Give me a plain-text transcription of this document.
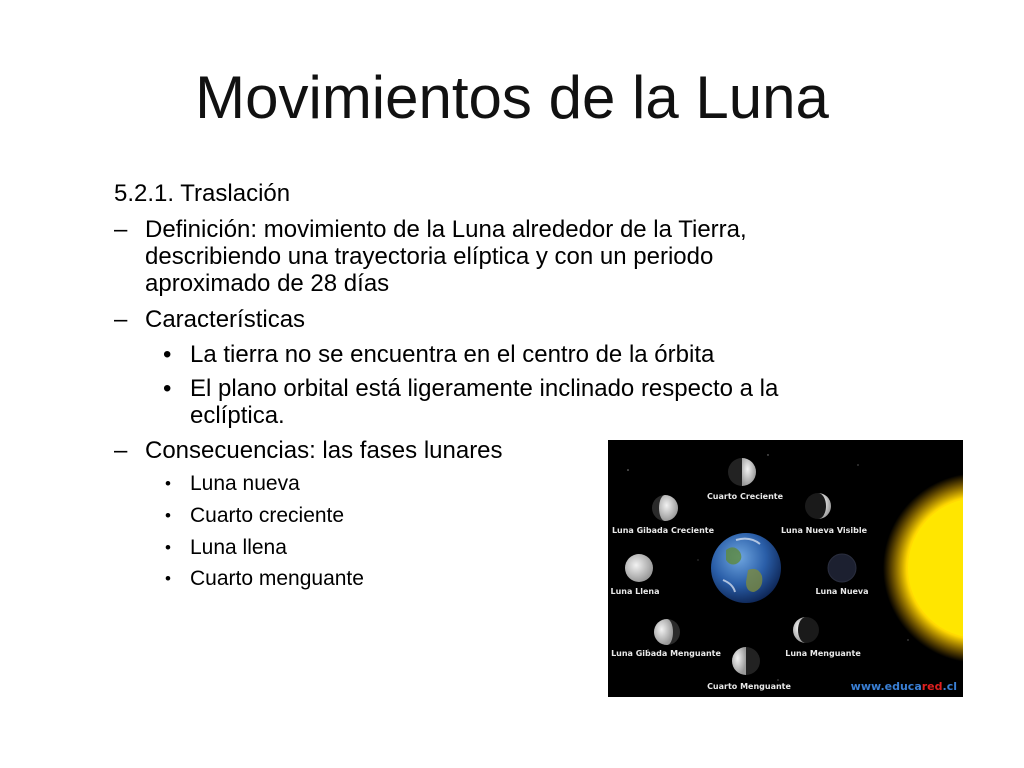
Movimientos de la Luna
5.2.1. Traslación
– Definición: movimiento de la Luna alrededor de la Tierra,
describiendo una trayectoria elíptica y con un periodo
aproximado de 28 días
– Características
• La tierra no se encuentra en el centro de la órbita
• El plano orbital está ligeramente inclinado respecto a la
eclíptica.
– Consecuencias: las fases lunares
• Luna nueva
• Cuarto creciente
• Luna llena
• Cuarto menguante
Cuarto Creciente
Luna Gibada Creciente	Luna Nueva Visible
Luna Llena	Luna Nueva
Luna Gibada Menguante	Luna Menguante
Cuarto Menguante	www.educared.cl
